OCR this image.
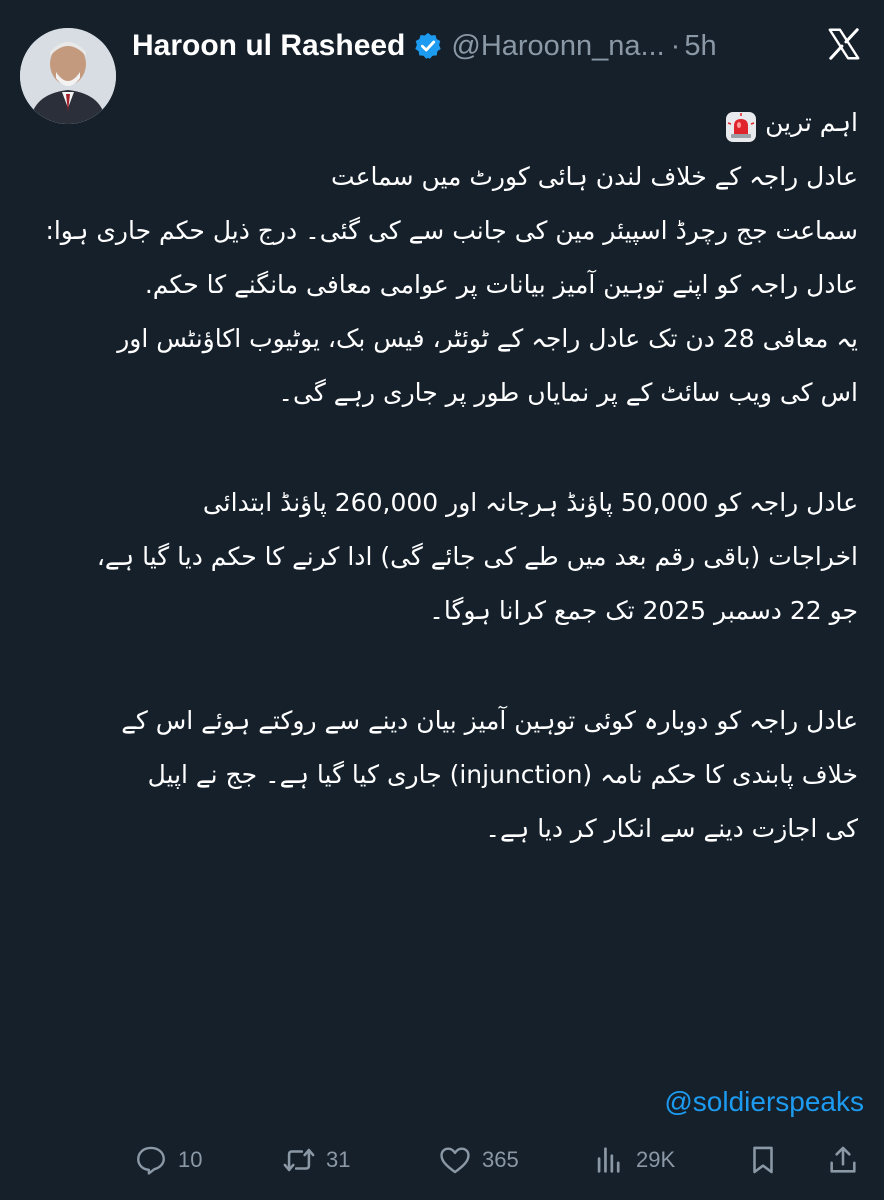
Haroon ul Rasheed @Haroonn_na... · 5h
اہم ترین
عادل راجہ کے خلاف لندن ہائی کورٹ میں سماعت
سماعت جج رچرڈ اسپیئر مین کی جانب سے کی گئی۔ درج ذیل حکم جاری ہوا:
عادل راجہ کو اپنے توہین آمیز بیانات پر عوامی معافی مانگنے کا حکم.
یہ معافی 28 دن تک عادل راجہ کے ٹوئٹر، فیس بک، یوٹیوب اکاؤنٹس اور
اس کی ویب سائٹ کے پر نمایاں طور پر جاری رہے گی۔
عادل راجہ کو 50,000 پاؤنڈ ہرجانہ اور 260,000 پاؤنڈ ابتدائی
اخراجات (باقی رقم بعد میں طے کی جائے گی) ادا کرنے کا حکم دیا گیا ہے،
جو 22 دسمبر 2025 تک جمع کرانا ہوگا۔
عادل راجہ کو دوبارہ کوئی توہین آمیز بیان دینے سے روکتے ہوئے اس کے
خلاف پابندی کا حکم نامہ (injunction) جاری کیا گیا ہے۔ جج نے اپیل
کی اجازت دینے سے انکار کر دیا ہے۔
@soldierspeaks
10	31	365	29K
